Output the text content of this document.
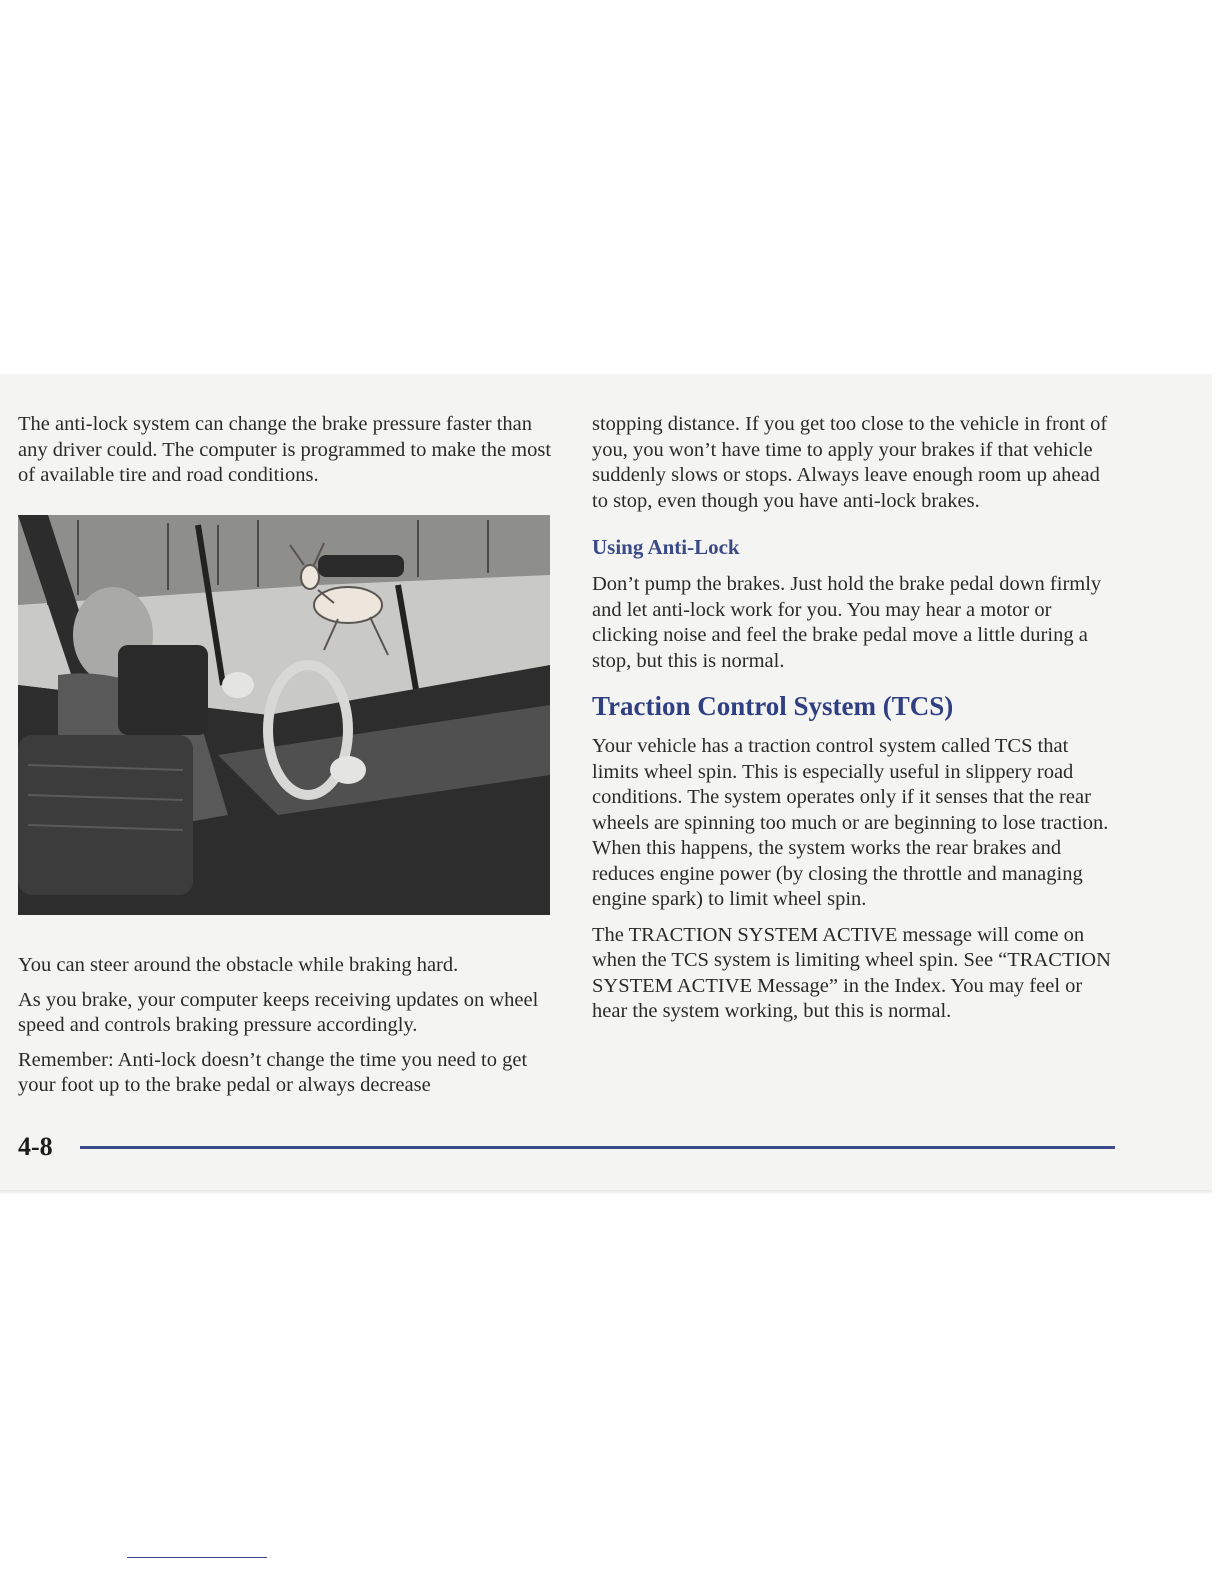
The anti-lock system can change the brake pressure faster than any driver could. The computer is programmed to make the most of available tire and road conditions.

You can steer around the obstacle while braking hard.

As you brake, your computer keeps receiving updates on wheel speed and controls braking pressure accordingly.

Remember: Anti-lock doesn’t change the time you need to get your foot up to the brake pedal or always decrease

stopping distance. If you get too close to the vehicle in front of you, you won’t have time to apply your brakes if that vehicle suddenly slows or stops. Always leave enough room up ahead to stop, even though you have anti-lock brakes.

Using Anti-Lock

Don’t pump the brakes. Just hold the brake pedal down firmly and let anti-lock work for you. You may hear a motor or clicking noise and feel the brake pedal move a little during a stop, but this is normal.

Traction Control System (TCS)

Your vehicle has a traction control system called TCS that limits wheel spin. This is especially useful in slippery road conditions. The system operates only if it senses that the rear wheels are spinning too much or are beginning to lose traction. When this happens, the system works the rear brakes and reduces engine power (by closing the throttle and managing engine spark) to limit wheel spin.

The TRACTION SYSTEM ACTIVE message will come on when the TCS system is limiting wheel spin. See “TRACTION SYSTEM ACTIVE Message” in the Index. You may feel or hear the system working, but this is normal.

4-8
